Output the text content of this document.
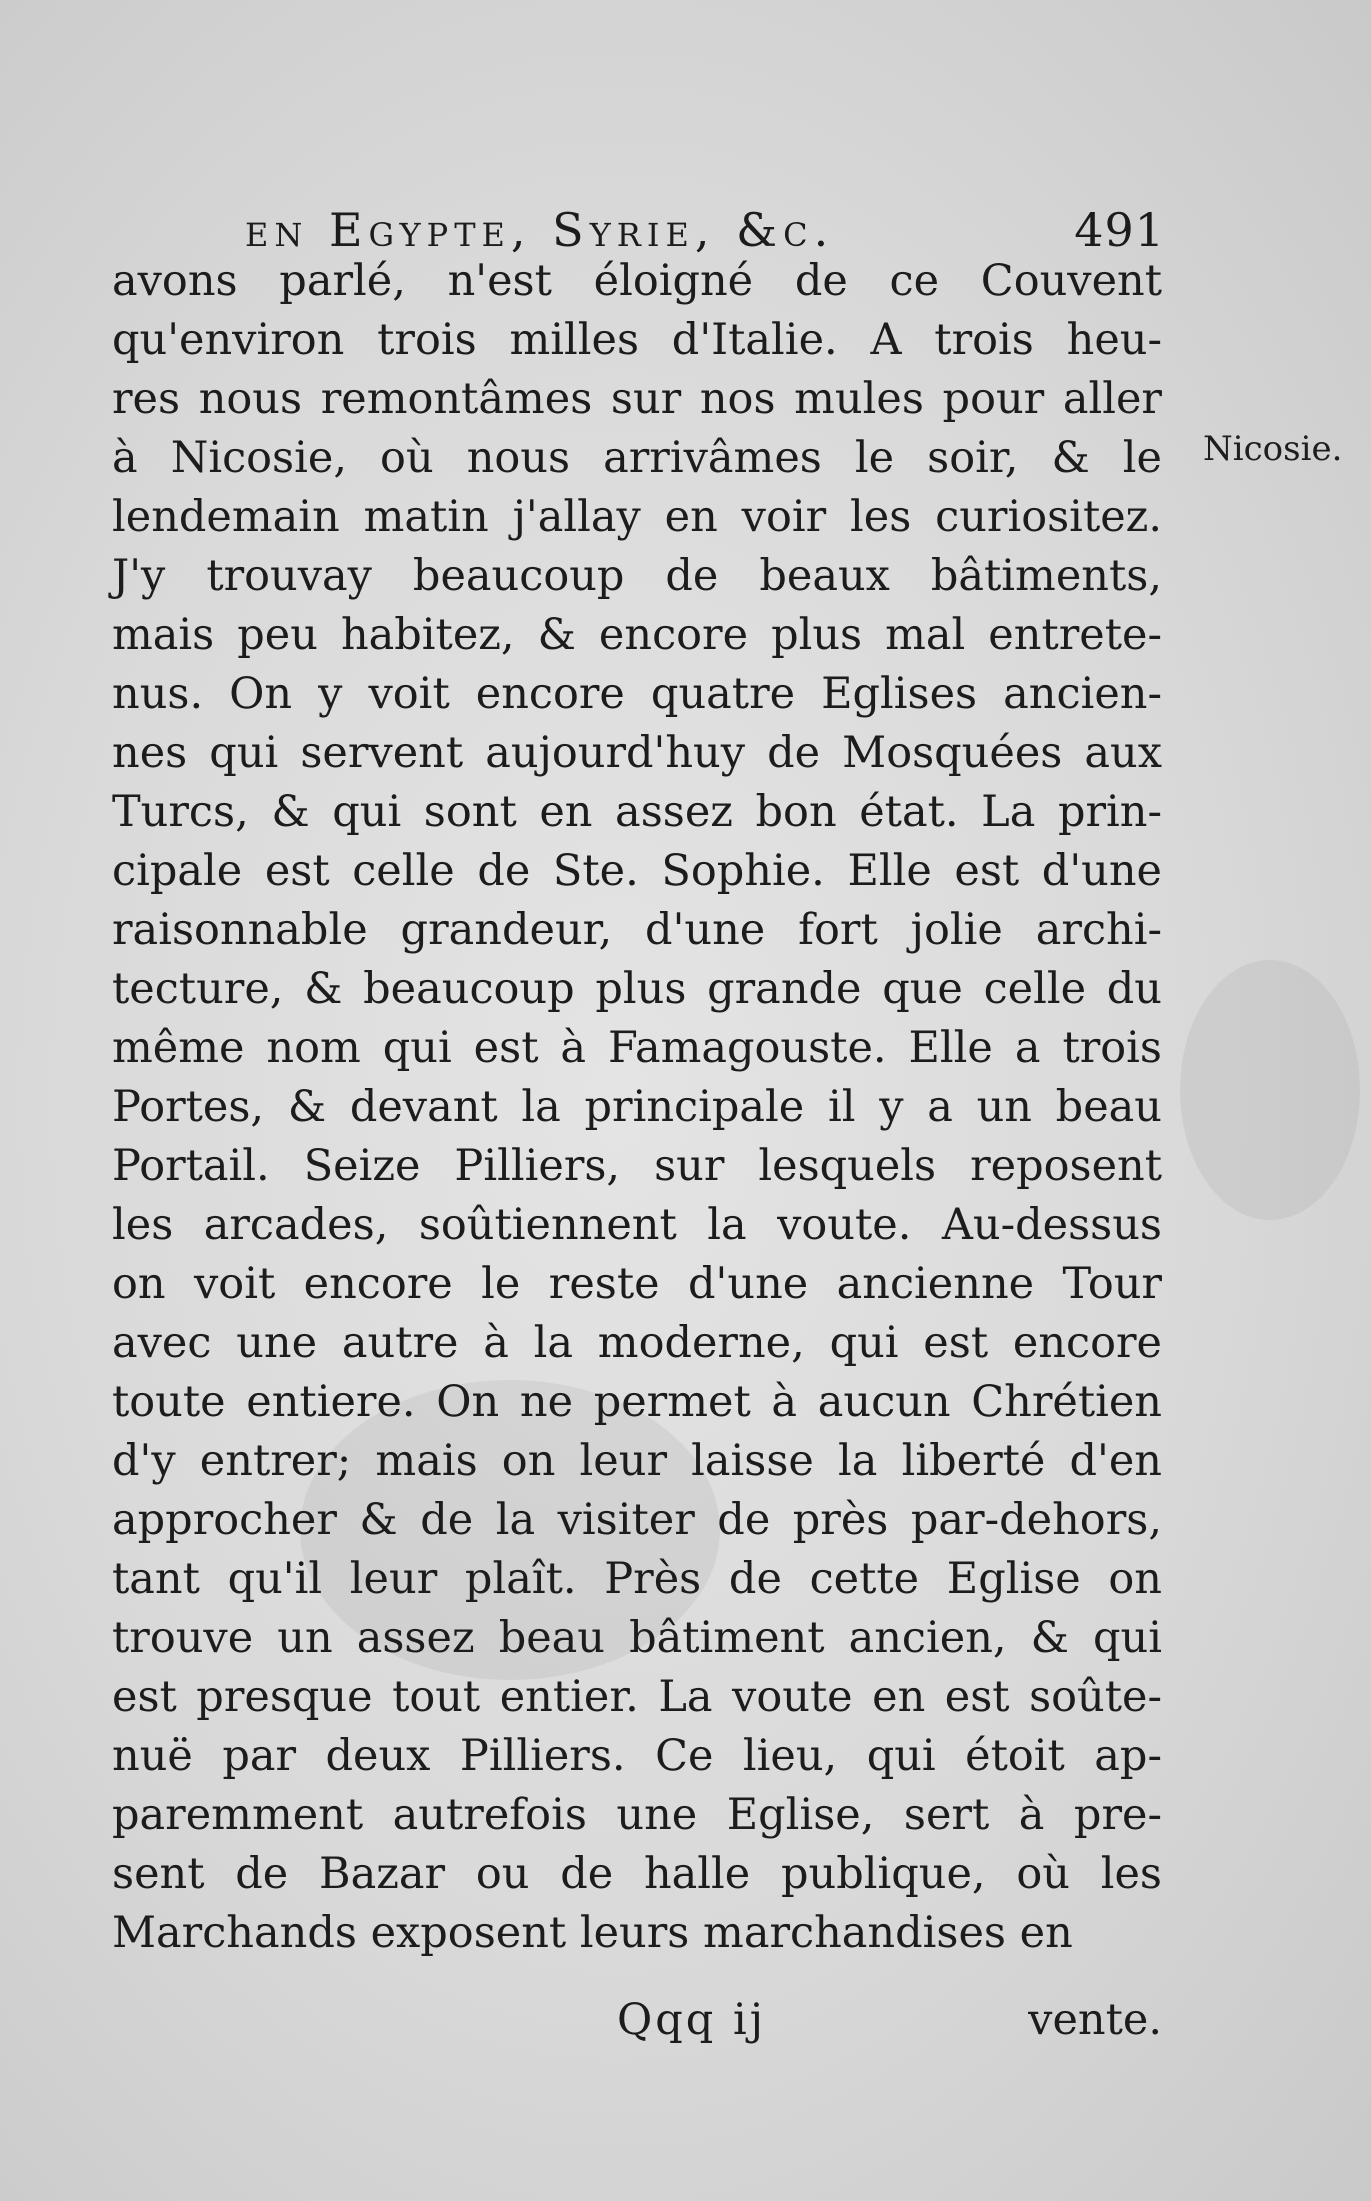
en Egypte, Syrie, &c.	491
Nicosie.
avons parlé, n'est éloigné de ce Couvent
qu'environ trois milles d'Italie. A trois heu-
res nous remontâmes sur nos mules pour aller
à Nicosie, où nous arrivâmes le soir, & le
lendemain matin j'allay en voir les curiositez.
J'y trouvay beaucoup de beaux bâtiments,
mais peu habitez, & encore plus mal entrete-
nus. On y voit encore quatre Eglises ancien-
nes qui servent aujourd'huy de Mosquées aux
Turcs, & qui sont en assez bon état. La prin-
cipale est celle de Ste. Sophie. Elle est d'une
raisonnable grandeur, d'une fort jolie archi-
tecture, & beaucoup plus grande que celle du
même nom qui est à Famagouste. Elle a trois
Portes, & devant la principale il y a un beau
Portail. Seize Pilliers, sur lesquels reposent
les arcades, soûtiennent la voute. Au-dessus
on voit encore le reste d'une ancienne Tour
avec une autre à la moderne, qui est encore
toute entiere. On ne permet à aucun Chrétien
d'y entrer; mais on leur laisse la liberté d'en
approcher & de la visiter de près par-dehors,
tant qu'il leur plaît. Près de cette Eglise on
trouve un assez beau bâtiment ancien, & qui
est presque tout entier. La voute en est soûte-
nuë par deux Pilliers. Ce lieu, qui étoit ap-
paremment autrefois une Eglise, sert à pre-
sent de Bazar ou de halle publique, où les
Marchands exposent leurs marchandises en
Qqq ij	vente.
